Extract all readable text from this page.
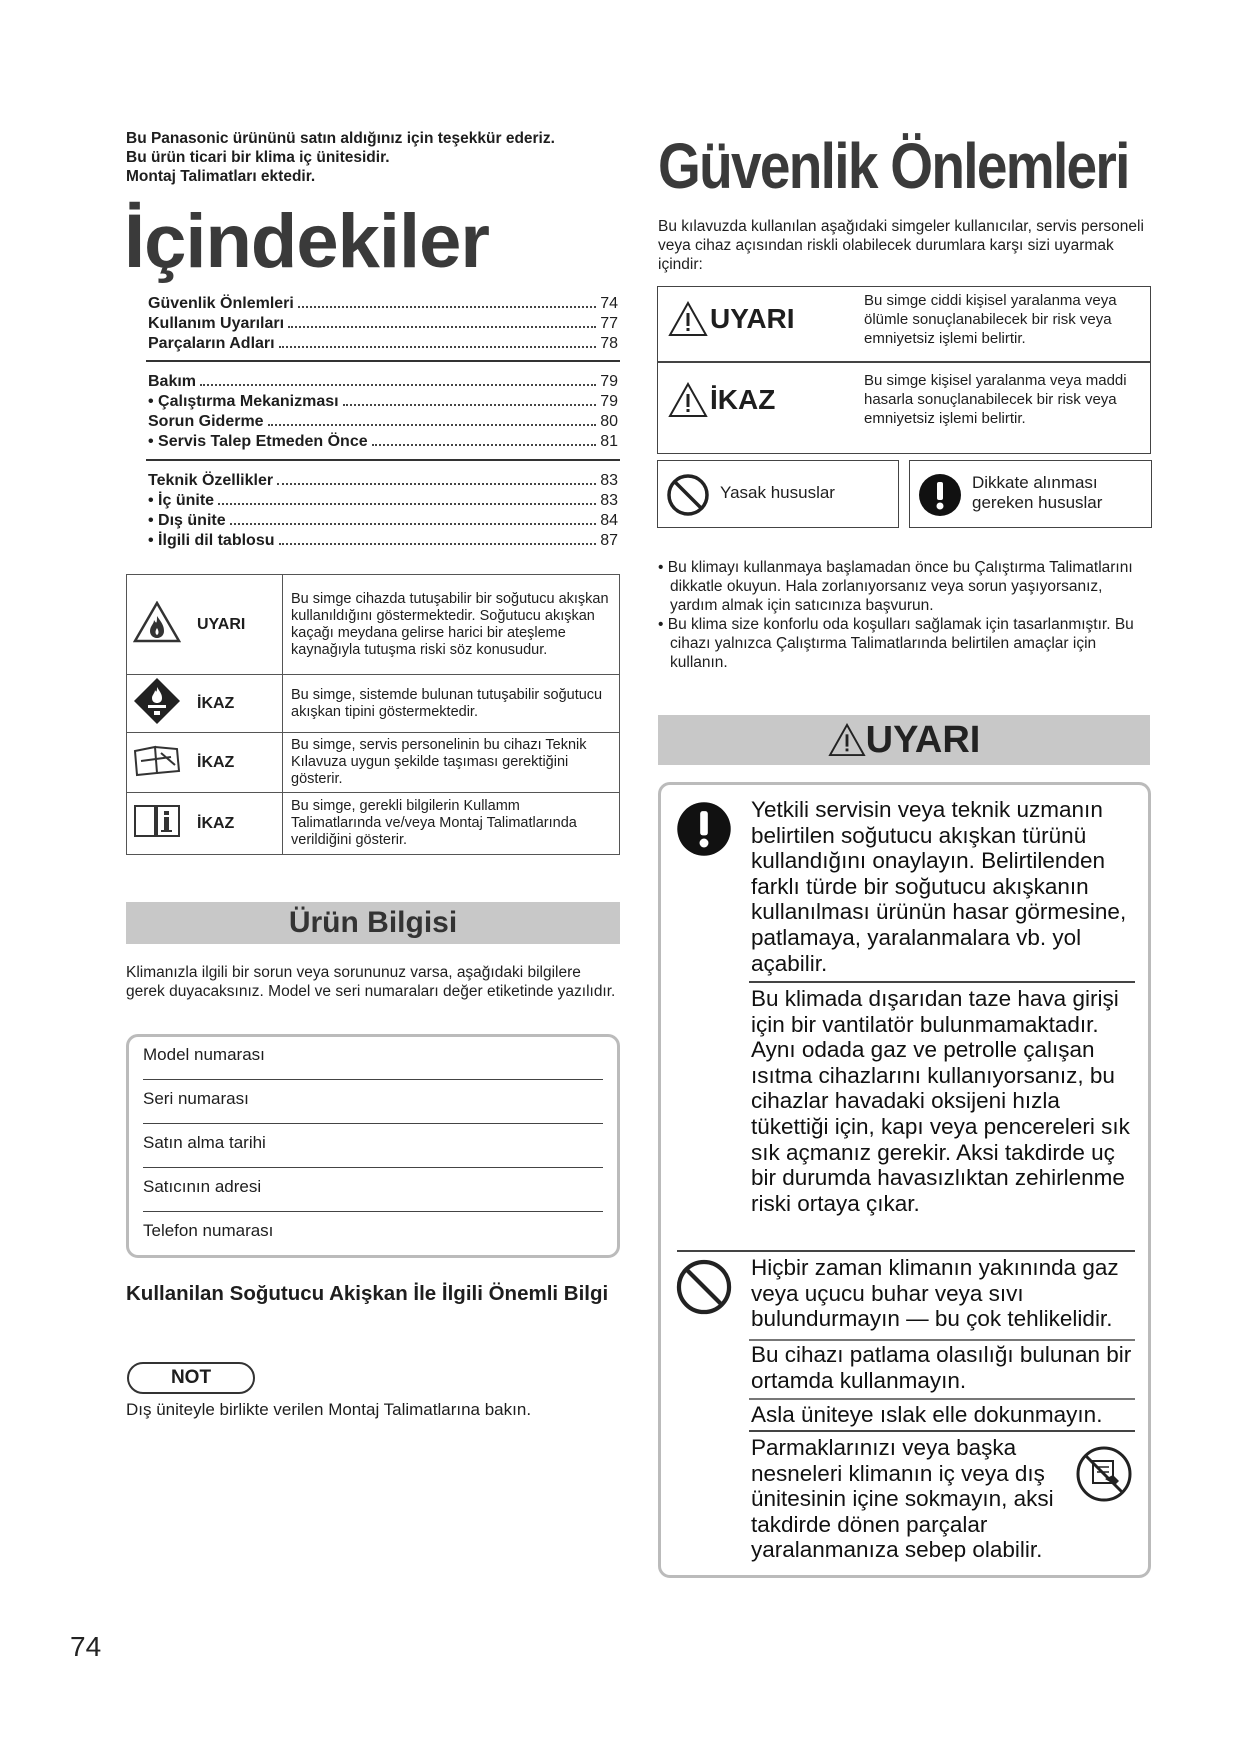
Bu Panasonic ürününü satın aldığınız için teşekkür ederiz.
Bu ürün ticari bir klima iç ünitesidir.
Montaj Talimatları ektedir.
İçindekiler
Güvenlik Önlemleri	74
Kullanım Uyarıları	77
Parçaların Adları	78
Bakım	79
• Çalıştırma Mekanizması	79
Sorun Giderme	80
• Servis Talep Etmeden Önce	81
Teknik Özellikler	83
• İç ünite	83
• Dış ünite	84
• İlgili dil tablosu	87
	UYARI	Bu simge cihazda tutuşabilir bir soğutucu akışkan kullanıldığını göstermektedir. Soğutucu akışkan kaçağı meydana gelirse harici bir ateşleme kaynağıyla tutuşma riski söz konusudur.
	İKAZ	Bu simge, sistemde bulunan tutuşabilir soğutucu akışkan tipini göstermektedir.
	İKAZ	Bu simge, servis personelinin bu cihazı Teknik Kılavuza uygun şekilde taşıması gerektiğini gösterir.
	İKAZ	Bu simge, gerekli bilgilerin Kullamm Talimatlarında ve/veya Montaj Talimatlarında verildiğini gösterir.
Ürün Bilgisi
Klimanızla ilgili bir sorun veya sorununuz varsa, aşağıdaki bilgilere gerek duyacaksınız. Model ve seri numaraları değer etiketinde yazılıdır.
Model numarası
Seri numarası
Satın alma tarihi
Satıcının adresi
Telefon numarası
Kullanilan Soğutucu Akişkan İle İlgili Önemli Bilgi
NOT
Dış üniteyle birlikte verilen Montaj Talimatlarına bakın.
74
Güvenlik Önlemleri
Bu kılavuzda kullanılan aşağıdaki simgeler kullanıcılar, servis personeli veya cihaz açısından riskli olabilecek durumlara karşı sizi uyarmak içindir:
UYARI
Bu simge ciddi kişisel yaralanma veya ölümle sonuçlanabilecek bir risk veya emniyetsiz işlemi belirtir.
İKAZ
Bu simge kişisel yaralanma veya maddi hasarla sonuçlanabilecek bir risk veya emniyetsiz işlemi belirtir.
Yasak hususlar
Dikkate alınması gereken hususlar

• Bu klimayı kullanmaya başlamadan önce bu Çalıştırma Talimatlarını dikkatle okuyun. Hala zorlanıyorsanız veya sorun yaşıyorsanız, yardım almak için satıcınıza başvurun.

• Bu klima size konforlu oda koşulları sağlamak için tasarlanmıştır. Bu cihazı yalnızca Çalıştırma Talimatlarında belirtilen amaçlar için kullanın.

UYARI
Yetkili servisin veya teknik uzmanın belirtilen soğutucu akışkan türünü kullandığını onaylayın. Belirtilenden farklı türde bir soğutucu akışkanın kullanılması ürünün hasar görmesine, patlamaya, yaralanmalara vb. yol açabilir.
Bu klimada dışarıdan taze hava girişi için bir vantilatör bulunmamaktadır. Aynı odada gaz ve petrolle çalışan ısıtma cihazlarını kullanıyorsanız, bu cihazlar havadaki oksijeni hızla tükettiği için, kapı veya pencereleri sık sık açmanız gerekir. Aksi takdirde uç bir durumda havasızlıktan zehirlenme riski ortaya çıkar.
Hiçbir zaman klimanın yakınında gaz veya uçucu buhar veya sıvı bulundurmayın — bu çok tehlikelidir.
Bu cihazı patlama olasılığı bulunan bir ortamda kullanmayın.
Asla üniteye ıslak elle dokunmayın.
Parmaklarınızı veya başka nesneleri klimanın iç veya dış ünitesinin içine sokmayın, aksi takdirde dönen parçalar yaralanmanıza sebep olabilir.
